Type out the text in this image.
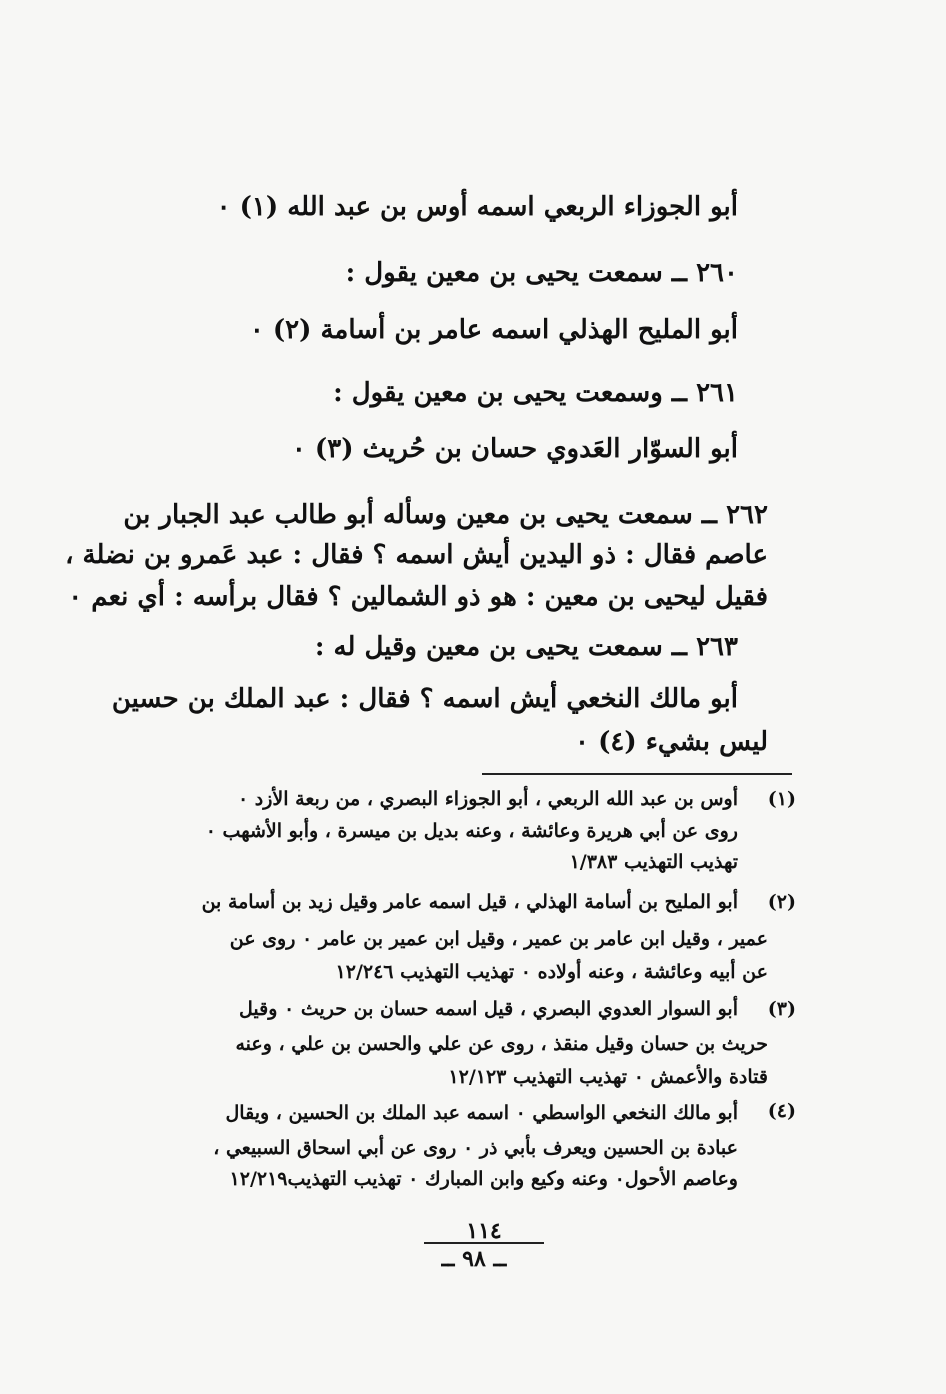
أبو الجوزاء الربعي اسمه أوس بن عبد الله (١) ٠
٢٦٠ ــ سمعت يحيى بن معين يقول :
أبو المليح الهذلي اسمه عامر بن أسامة (٢) ٠
٢٦١ ــ وسمعت يحيى بن معين يقول :
أبو السوّار العَدوي حسان بن حُريث (٣) ٠
٢٦٢ ــ سمعت يحيى بن معين وسأله أبو طالب عبد الجبار بن
عاصم فقال : ذو اليدين أيش اسمه ؟ فقال : عبد عَمرو بن نضلة ،
فقيل ليحيى بن معين : هو ذو الشمالين ؟ فقال برأسه : أي نعم ٠
٢٦٣ ــ سمعت يحيى بن معين وقيل له :
أبو مالك النخعي أيش اسمه ؟ فقال : عبد الملك بن حسين
ليس بشيء (٤) ٠
(١)
أوس بن عبد الله الربعي ، أبو الجوزاء البصري ، من ربعة الأزد ٠
روى عن أبي هريرة وعائشة ، وعنه بديل بن ميسرة ، وأبو الأشهب ٠
تهذيب التهذيب ١/٣٨٣
(٢)
أبو المليح بن أسامة الهذلي ، قيل اسمه عامر وقيل زيد بن أسامة بن
عمير ، وقيل ابن عامر بن عمير ، وقيل ابن عمير بن عامر ٠ روى عن
عن أبيه وعائشة ، وعنه أولاده ٠ تهذيب التهذيب ١٢/٢٤٦
(٣)
أبو السوار العدوي البصري ، قيل اسمه حسان بن حريث ٠ وقيل
حريث بن حسان وقيل منقذ ، روى عن علي والحسن بن علي ، وعنه
قتادة والأعمش ٠ تهذيب التهذيب ١٢/١٢٣
(٤)
أبو مالك النخعي الواسطي ٠ اسمه عبد الملك بن الحسين ، ويقال
عبادة بن الحسين ويعرف بأبي ذر ٠ روى عن أبي اسحاق السبيعي ،
وعاصم الأحول٠ وعنه وكيع وابن المبارك ٠ تهذيب التهذيب١٢/٢١٩
١١٤
ــ ٩٨ ــ
